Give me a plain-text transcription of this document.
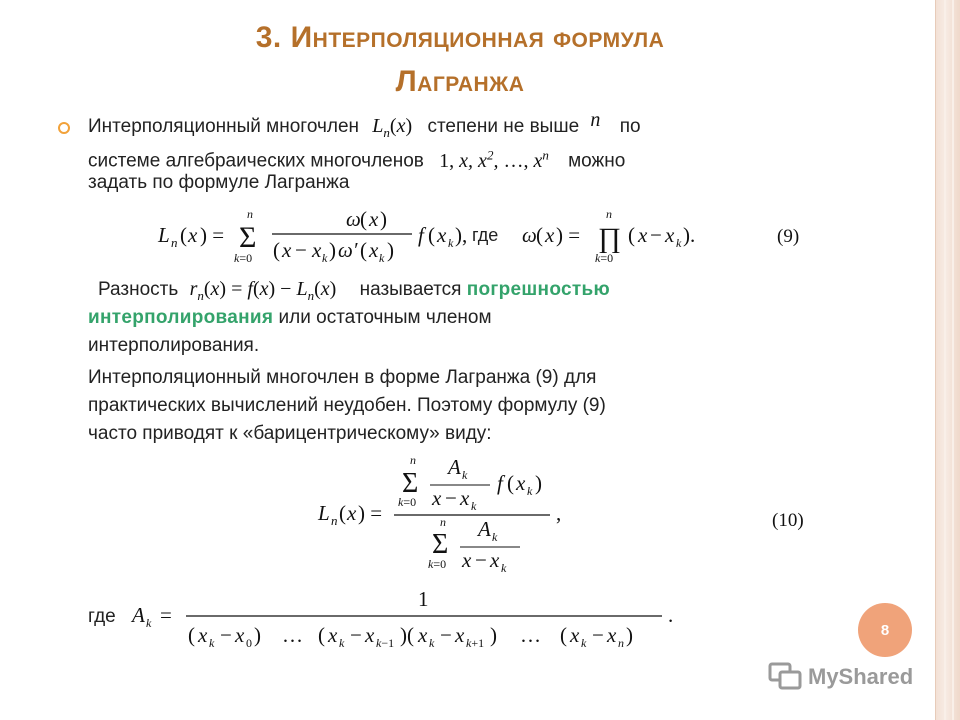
3. Интерполяционная формула
Лагранжа
Интерполяционный многочлен $L_n(x)$ степени не выше n по
системе алгебраических многочленов 1, x, $x^2$, …, $x^n$ можно
задать по формуле Лагранжа
L n ( x ) =
n
Σ
k=0
ω ( x )
( x − x k ) ω′ ( x k )
f ( x k ),	ω ( x ) =
n
∏
k=0
( x − x k ).
где	(9)
Разность $r_n(x) = f(x) - L_n(x)$ называется погрешностью
интерполирования или остаточным членом
интерполирования.
Интерполяционный многочлен в форме Лагранжа (9) для
практических вычислений неудобен. Поэтому формулу (9)
часто приводят к «барицентрическому» виду:
L n ( x ) =
n
Σ
k=0
A k
x − x k
f ( x k )
,
n
Σ
k=0
A k
x − x k
(10)
где A k =
1
( x k − x 0 ) … ( x k − x k−1 )( x k − x k+1 ) … ( x k − x n )
.
8
MyShared
